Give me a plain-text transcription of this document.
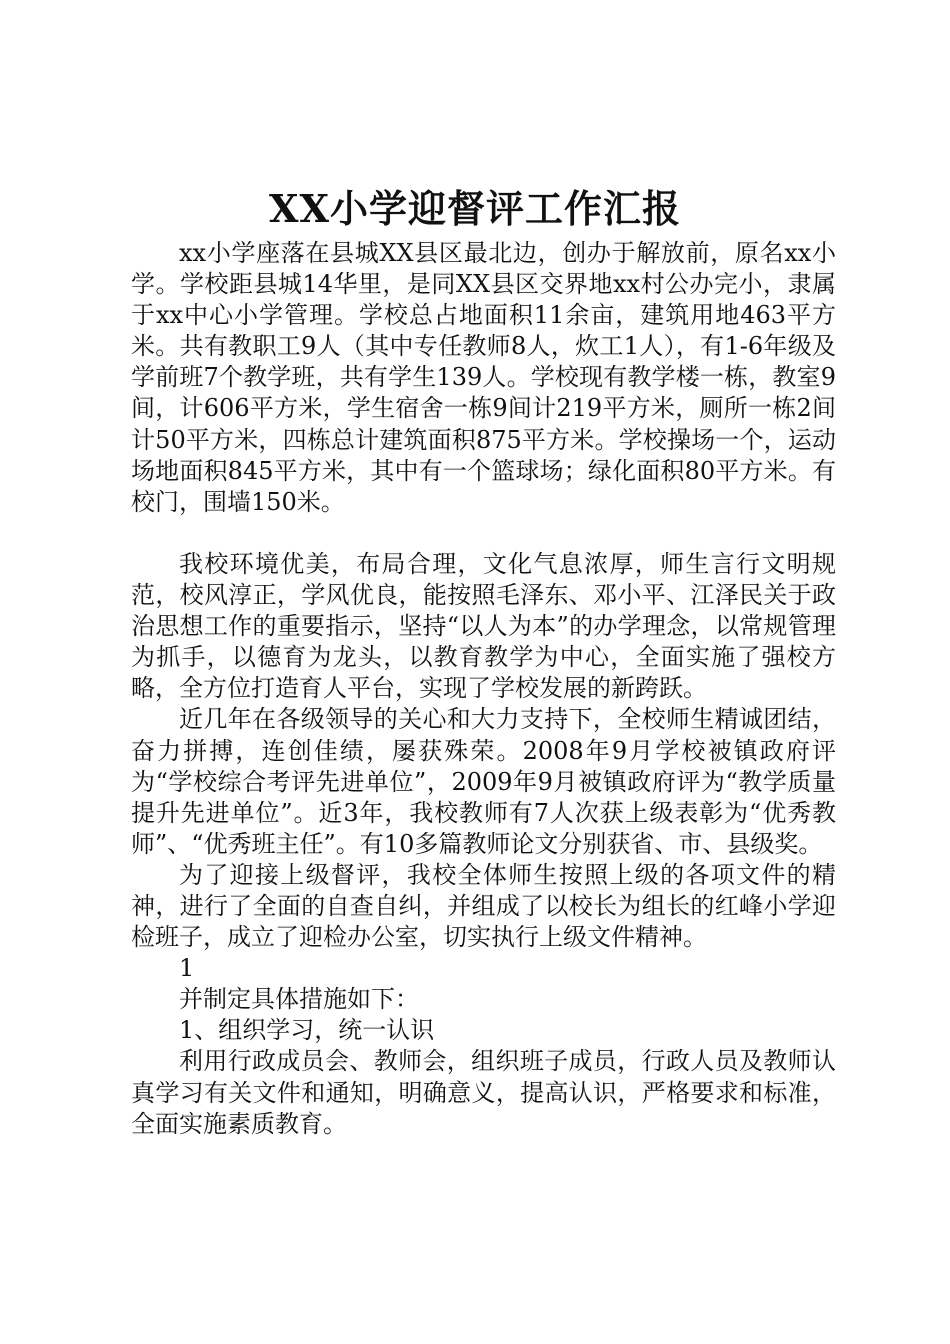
XX小学迎督评工作汇报

xx小学座落在县城XX县区最北边，创办于解放前，原名xx小学。学校距县城14华里，是同XX县区交界地xx村公办完小，隶属于xx中心小学管理。学校总占地面积11余亩，建筑用地463平方米。共有教职工9人（其中专任教师8人，炊工1人），有1-6年级及学前班7个教学班，共有学生139人。学校现有教学楼一栋，教室9间，计606平方米，学生宿舍一栋9间计219平方米，厕所一栋2间计50平方米，四栋总计建筑面积875平方米。学校操场一个，运动场地面积845平方米，其中有一个篮球场；绿化面积80平方米。有校门，围墙150米。

我校环境优美，布局合理，文化气息浓厚，师生言行文明规范，校风淳正，学风优良，能按照毛泽东、邓小平、江泽民关于政治思想工作的重要指示，坚持“以人为本”的办学理念，以常规管理为抓手，以德育为龙头，以教育教学为中心，全面实施了强校方略，全方位打造育人平台，实现了学校发展的新跨跃。

近几年在各级领导的关心和大力支持下，全校师生精诚团结，奋力拼搏，连创佳绩，屡获殊荣。2008年9月学校被镇政府评为“学校综合考评先进单位”，2009年9月被镇政府评为“教学质量提升先进单位”。近3年，我校教师有7人次获上级表彰为“优秀教师”、“优秀班主任”。有10多篇教师论文分别获省、市、县级奖。

为了迎接上级督评，我校全体师生按照上级的各项文件的精神，进行了全面的自查自纠，并组成了以校长为组长的红峰小学迎检班子，成立了迎检办公室，切实执行上级文件精神。

1

并制定具体措施如下：

1、组织学习，统一认识

利用行政成员会、教师会，组织班子成员，行政人员及教师认真学习有关文件和通知，明确意义，提高认识，严格要求和标准，全面实施素质教育。
